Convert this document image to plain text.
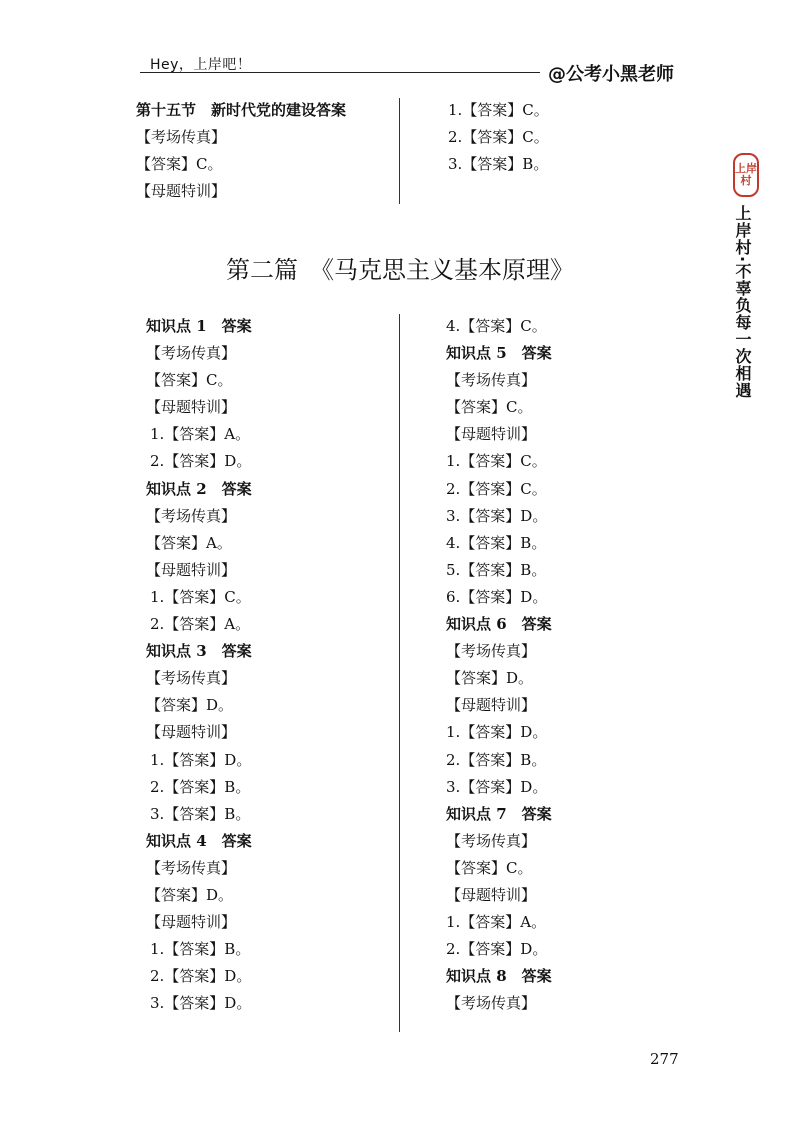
Hey，上岸吧！	@公考小黑老师
上岸村
上岸村·不辜负每一次相遇
第十五节　新时代党的建设答案
【考场传真】
【答案】C。
【母题特训】
1.【答案】C。
2.【答案】C。
3.【答案】B。
第二篇　《马克思主义基本原理》
知识点 1　答案
【考场传真】
【答案】C。
【母题特训】
1.【答案】A。
2.【答案】D。
知识点 2　答案
【考场传真】
【答案】A。
【母题特训】
1.【答案】C。
2.【答案】A。
知识点 3　答案
【考场传真】
【答案】D。
【母题特训】
1.【答案】D。
2.【答案】B。
3.【答案】B。
知识点 4　答案
【考场传真】
【答案】D。
【母题特训】
1.【答案】B。
2.【答案】D。
3.【答案】D。
4.【答案】C。
知识点 5　答案
【考场传真】
【答案】C。
【母题特训】
1.【答案】C。
2.【答案】C。
3.【答案】D。
4.【答案】B。
5.【答案】B。
6.【答案】D。
知识点 6　答案
【考场传真】
【答案】D。
【母题特训】
1.【答案】D。
2.【答案】B。
3.【答案】D。
知识点 7　答案
【考场传真】
【答案】C。
【母题特训】
1.【答案】A。
2.【答案】D。
知识点 8　答案
【考场传真】
277
